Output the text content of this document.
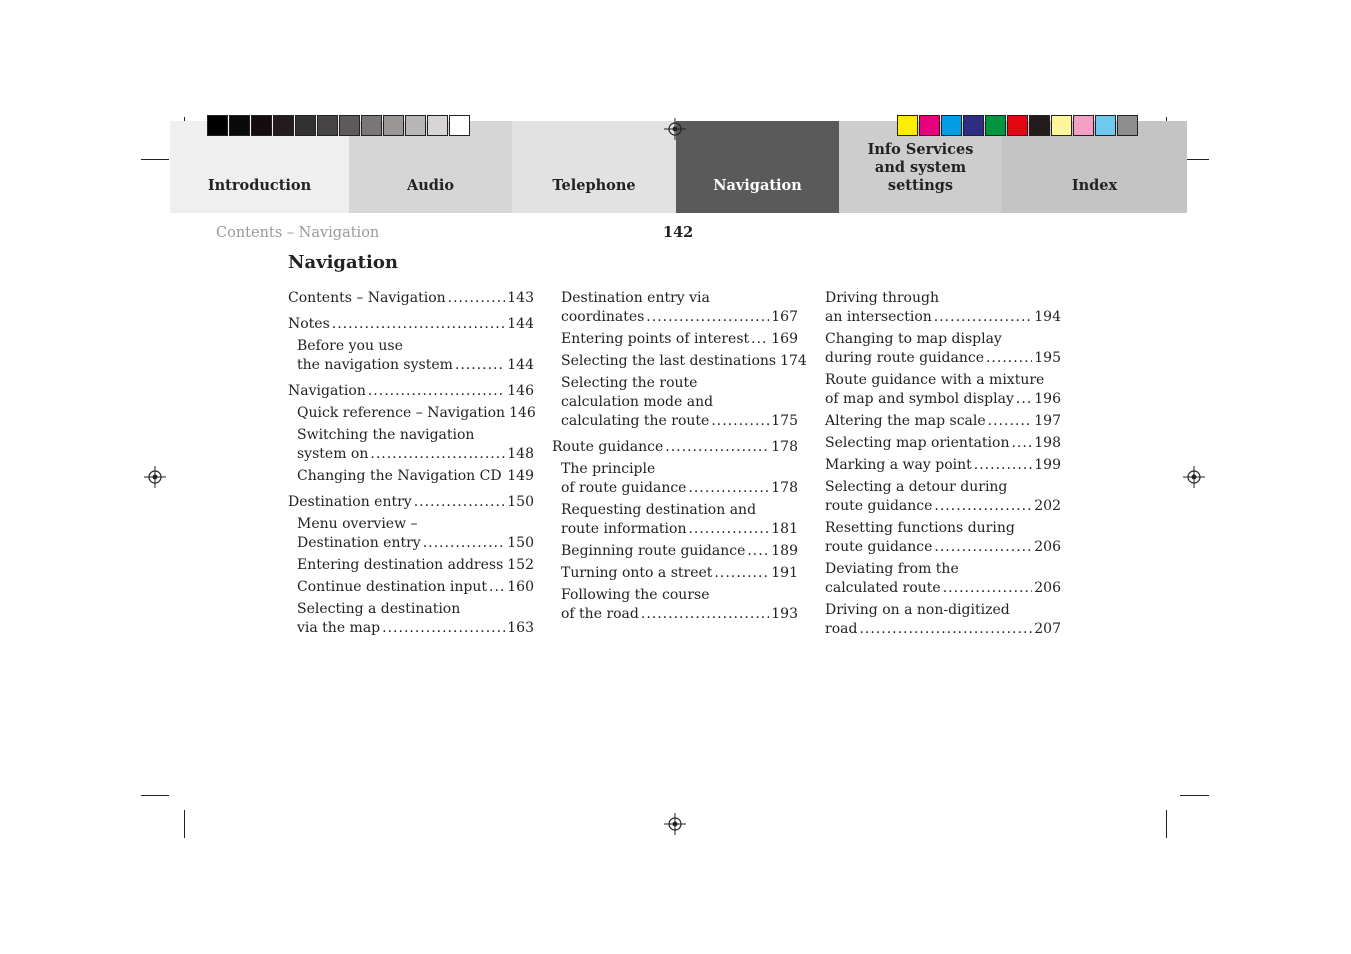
Introduction	Audio	Telephone	Navigation
Info Services and system settings	Index
Contents – Navigation	142
Navigation
Contents – Navigation .....	143
Notes .....	144
Before you use
the navigation system .....	144
Navigation .....	146
Quick reference – Navigation 146
Switching the navigation
system on .....	148
Changing the Navigation CD ..... 149
Destination entry .....	150
Menu overview –
Destination entry .....	150
Entering destination address 152
Continue destination input ..... 160
Selecting a destination
via the map .....	163
Destination entry via
coordinates .....	167
Entering points of interest ..... 169
Selecting the last destinations 174
Selecting the route
calculation mode and
calculating the route .....	175
Route guidance .....	178
The principle
of route guidance .....	178
Requesting destination and
route information .....	181
Beginning route guidance ..... 189
Turning onto a street .....	191
Following the course
of the road .....	193
Driving through
an intersection .....	194
Changing to map display
during route guidance .....	195
Route guidance with a mixture
of map and symbol display ..... 196
Altering the map scale .....	197
Selecting map orientation ..... 198
Marking a way point .....	199
Selecting a detour during
route guidance .....	202
Resetting functions during
route guidance .....	206
Deviating from the
calculated route .....	206
Driving on a non-digitized
road .....	207
